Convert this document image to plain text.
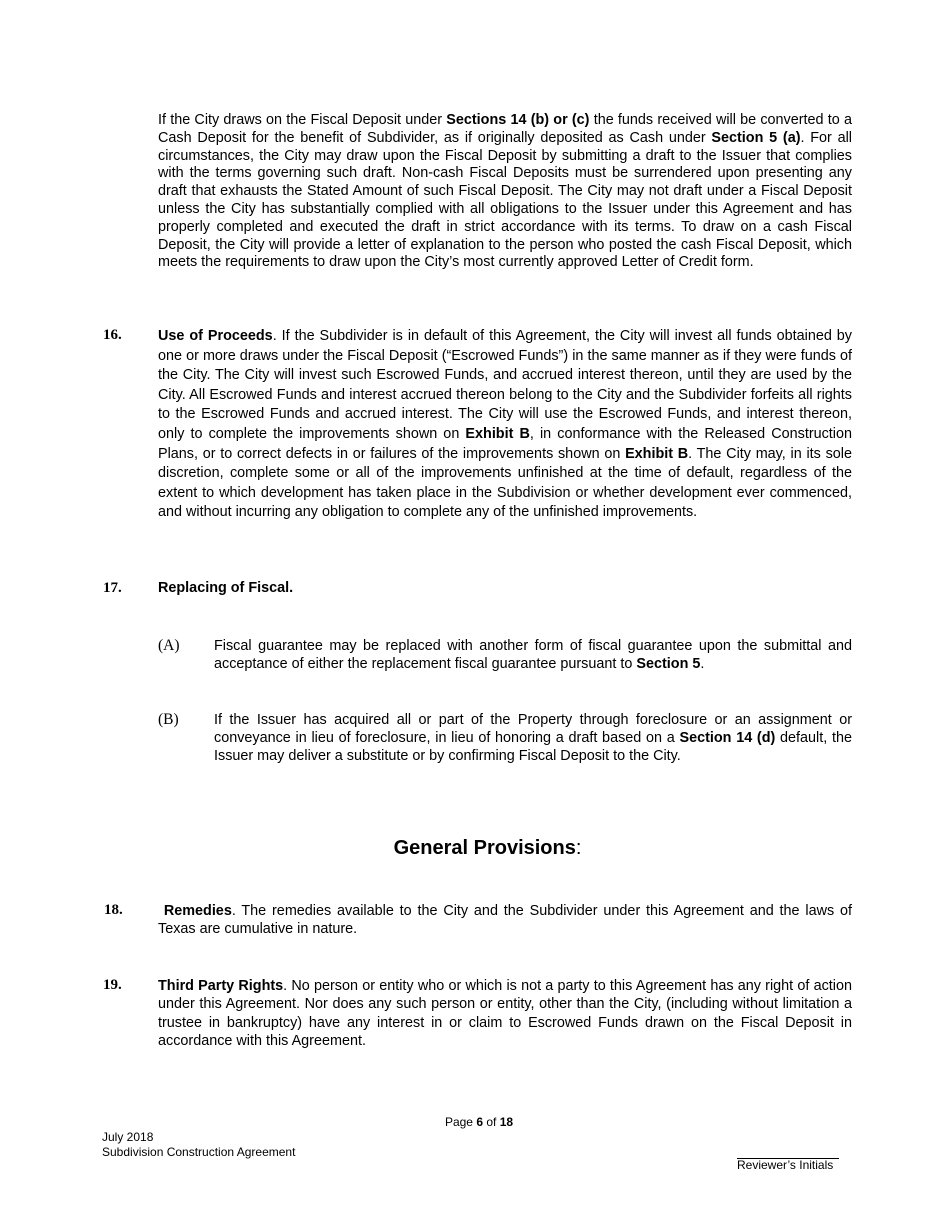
If the City draws on the Fiscal Deposit under Sections 14 (b) or (c) the funds received will be converted to a Cash Deposit for the benefit of Subdivider, as if originally deposited as Cash under Section 5 (a). For all circumstances, the City may draw upon the Fiscal Deposit by submitting a draft to the Issuer that complies with the terms governing such draft. Non-cash Fiscal Deposits must be surrendered upon presenting any draft that exhausts the Stated Amount of such Fiscal Deposit. The City may not draft under a Fiscal Deposit unless the City has substantially complied with all obligations to the Issuer under this Agreement and has properly completed and executed the draft in strict accordance with its terms. To draw on a cash Fiscal Deposit, the City will provide a letter of explanation to the person who posted the cash Fiscal Deposit, which meets the requirements to draw upon the City’s most currently approved Letter of Credit form.

16.	Use of Proceeds. If the Subdivider is in default of this Agreement, the City will invest all funds obtained by one or more draws under the Fiscal Deposit (“Escrowed Funds”) in the same manner as if they were funds of the City. The City will invest such Escrowed Funds, and accrued interest thereon, until they are used by the City. All Escrowed Funds and interest accrued thereon belong to the City and the Subdivider forfeits all rights to the Escrowed Funds and accrued interest. The City will use the Escrowed Funds, and interest thereon, only to complete the improvements shown on Exhibit B, in conformance with the Released Construction Plans, or to correct defects in or failures of the improvements shown on Exhibit B. The City may, in its sole discretion, complete some or all of the improvements unfinished at the time of default, regardless of the extent to which development has taken place in the Subdivision or whether development ever commenced, and without incurring any obligation to complete any of the unfinished improvements.

17.	Replacing of Fiscal.
(A) Fiscal guarantee may be replaced with another form of fiscal guarantee upon the submittal and acceptance of either the replacement fiscal guarantee pursuant to Section 5.

(B) If the Issuer has acquired all or part of the Property through foreclosure or an assignment or conveyance in lieu of foreclosure, in lieu of honoring a draft based on a Section 14 (d) default, the Issuer may deliver a substitute or by confirming Fiscal Deposit to the City.

General Provisions:
18.	Remedies. The remedies available to the City and the Subdivider under this Agreement and the laws of Texas are cumulative in nature.

19.	Third Party Rights. No person or entity who or which is not a party to this Agreement has any right of action under this Agreement. Nor does any such person or entity, other than the City, (including without limitation a trustee in bankruptcy) have any interest in or claim to Escrowed Funds drawn on the Fiscal Deposit in accordance with this Agreement.

Page 6 of 18
July 2018
Subdivision Construction Agreement
Reviewer’s Initials
